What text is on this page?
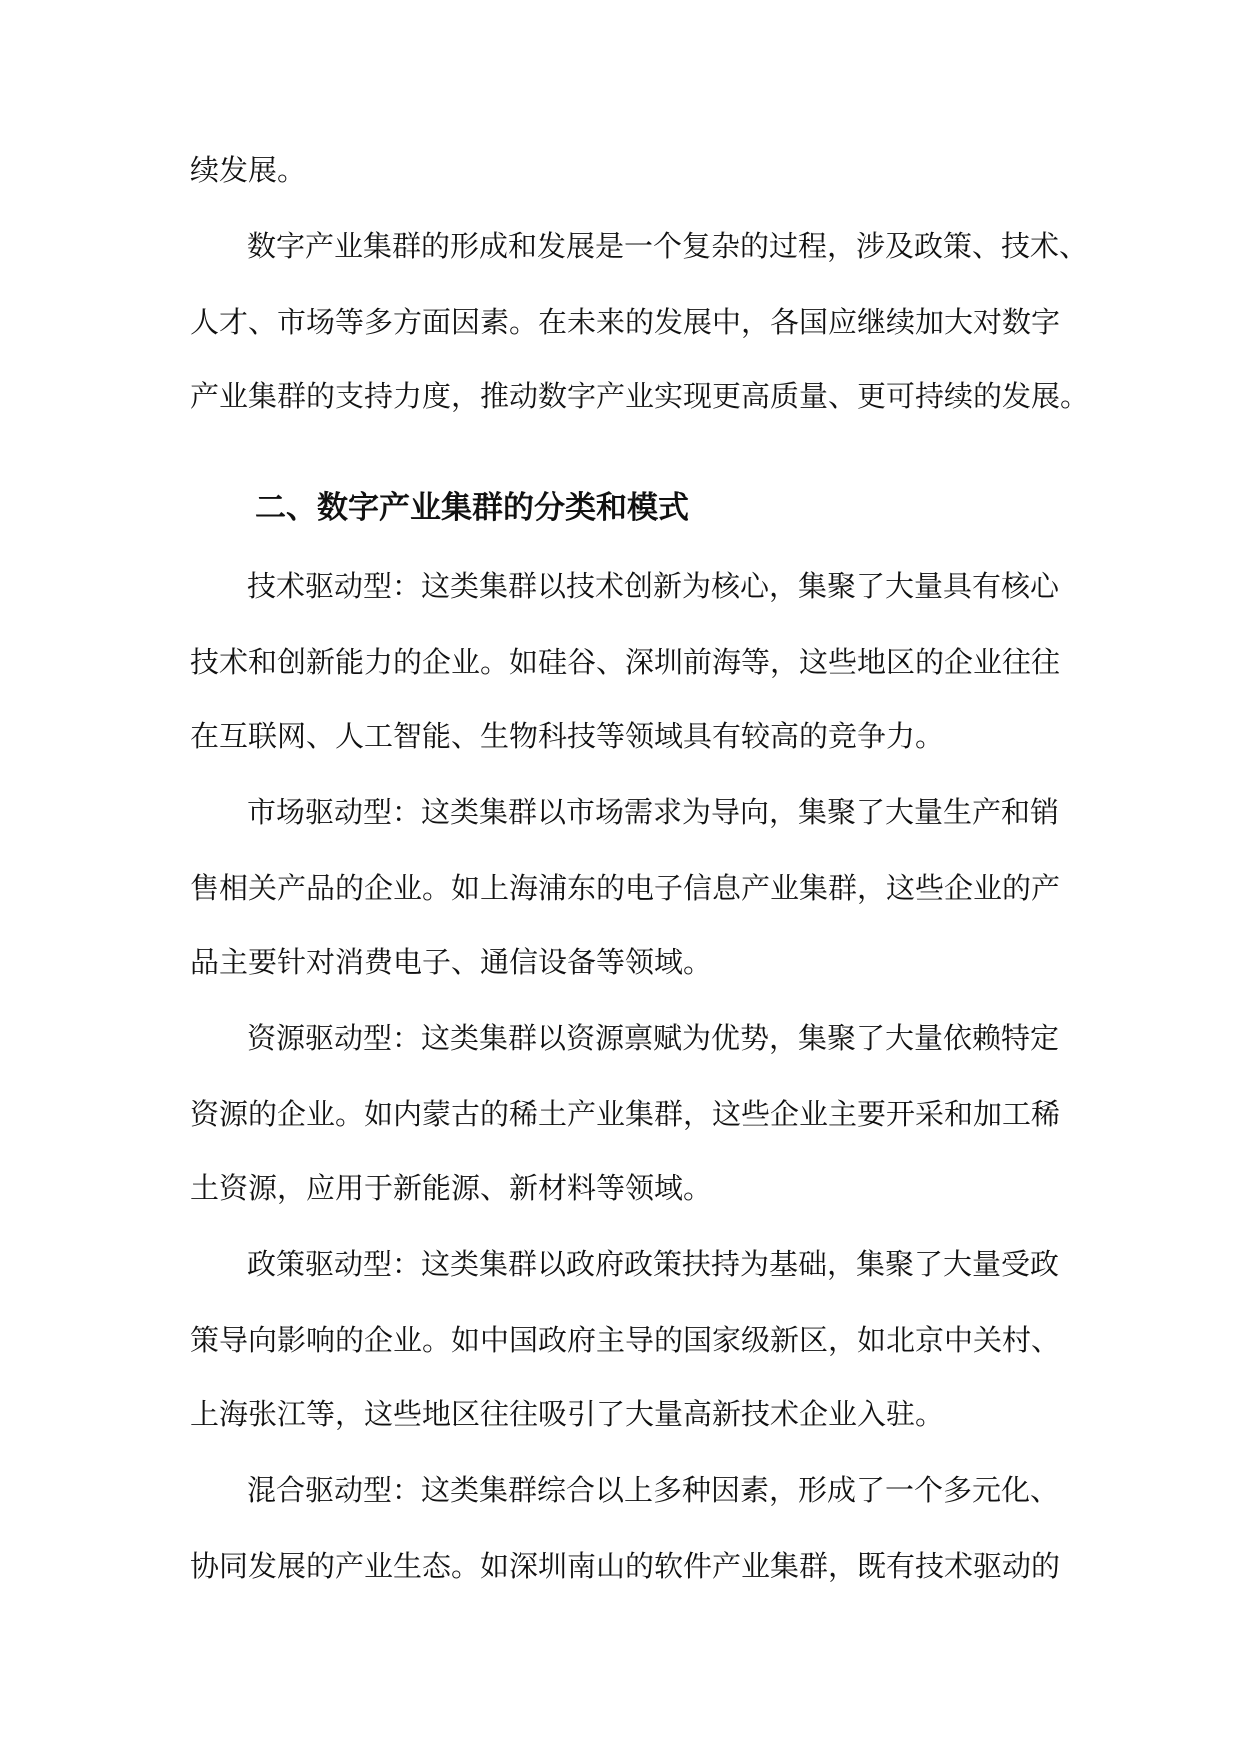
续发展。
数字产业集群的形成和发展是一个复杂的过程，涉及政策、技术、
人才、市场等多方面因素。在未来的发展中，各国应继续加大对数字
产业集群的支持力度，推动数字产业实现更高质量、更可持续的发展。
二、数字产业集群的分类和模式
技术驱动型：这类集群以技术创新为核心，集聚了大量具有核心
技术和创新能力的企业。如硅谷、深圳前海等，这些地区的企业往往
在互联网、人工智能、生物科技等领域具有较高的竞争力。
市场驱动型：这类集群以市场需求为导向，集聚了大量生产和销
售相关产品的企业。如上海浦东的电子信息产业集群，这些企业的产
品主要针对消费电子、通信设备等领域。
资源驱动型：这类集群以资源禀赋为优势，集聚了大量依赖特定
资源的企业。如内蒙古的稀土产业集群，这些企业主要开采和加工稀
土资源，应用于新能源、新材料等领域。
政策驱动型：这类集群以政府政策扶持为基础，集聚了大量受政
策导向影响的企业。如中国政府主导的国家级新区，如北京中关村、
上海张江等，这些地区往往吸引了大量高新技术企业入驻。
混合驱动型：这类集群综合以上多种因素，形成了一个多元化、
协同发展的产业生态。如深圳南山的软件产业集群，既有技术驱动的
